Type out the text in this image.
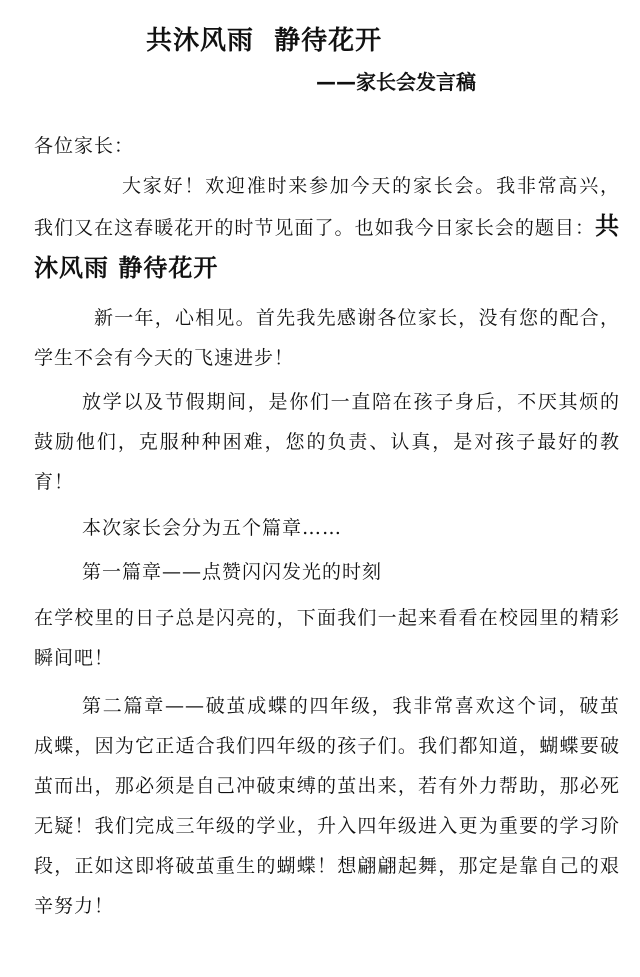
共沐风雨  静待花开
——家长会发言稿
各位家长：
大家好！欢迎准时来参加今天的家长会。我非常高兴，我们又在这春暖花开的时节见面了。也如我今日家长会的题目：共沐风雨 静待花开
新一年，心相见。首先我先感谢各位家长，没有您的配合，学生不会有今天的飞速进步！
放学以及节假期间，是你们一直陪在孩子身后，不厌其烦的鼓励他们，克服种种困难，您的负责、认真，是对孩子最好的教育！
本次家长会分为五个篇章……
第一篇章——点赞闪闪发光的时刻
在学校里的日子总是闪亮的，下面我们一起来看看在校园里的精彩瞬间吧！
第二篇章——破茧成蝶的四年级，我非常喜欢这个词，破茧成蝶，因为它正适合我们四年级的孩子们。我们都知道，蝴蝶要破茧而出，那必须是自己冲破束缚的茧出来，若有外力帮助，那必死无疑！我们完成三年级的学业，升入四年级进入更为重要的学习阶段，正如这即将破茧重生的蝴蝶！想翩翩起舞，那定是靠自己的艰辛努力！
